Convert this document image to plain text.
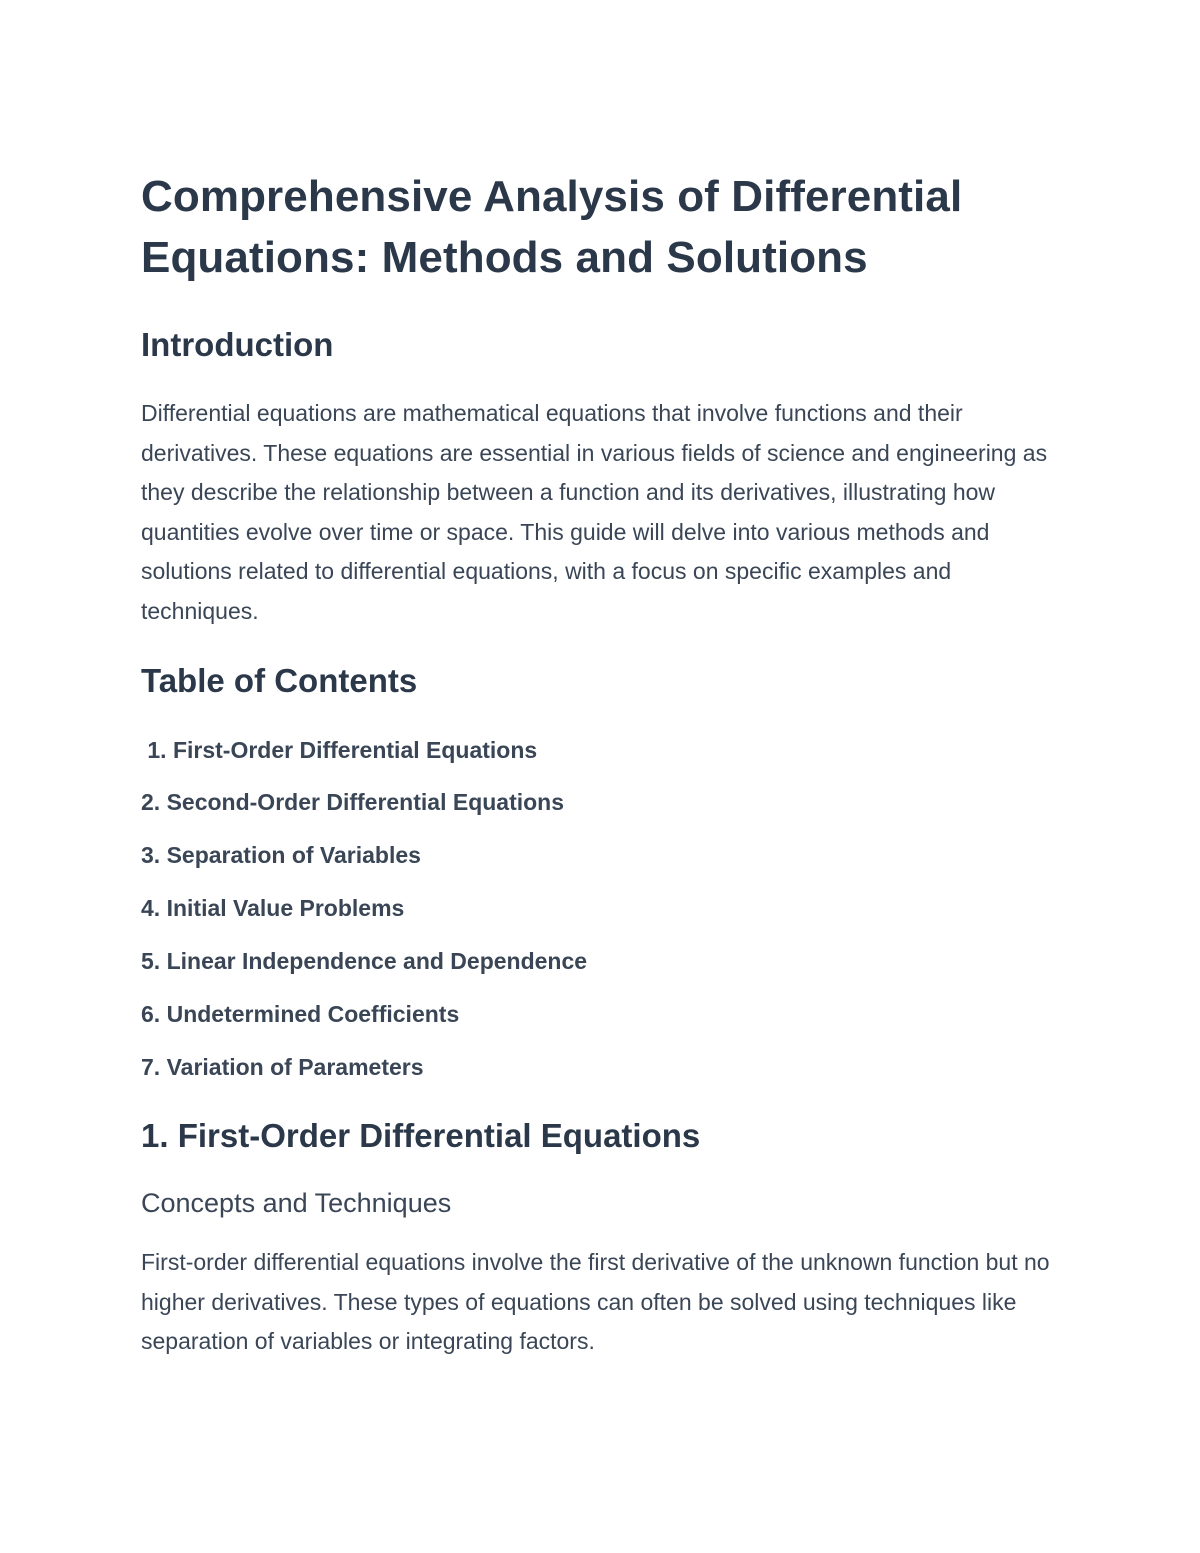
Comprehensive Analysis of Differential Equations: Methods and Solutions
Introduction

Differential equations are mathematical equations that involve functions and their derivatives. These equations are essential in various fields of science and engineering as they describe the relationship between a function and its derivatives, illustrating how quantities evolve over time or space. This guide will delve into various methods and solutions related to differential equations, with a focus on specific examples and techniques.

Table of Contents
1. First-Order Differential Equations
2. Second-Order Differential Equations
3. Separation of Variables
4. Initial Value Problems
5. Linear Independence and Dependence
6. Undetermined Coefficients
7. Variation of Parameters
1. First-Order Differential Equations
Concepts and Techniques

First-order differential equations involve the first derivative of the unknown function but no higher derivatives. These types of equations can often be solved using techniques like separation of variables or integrating factors.
